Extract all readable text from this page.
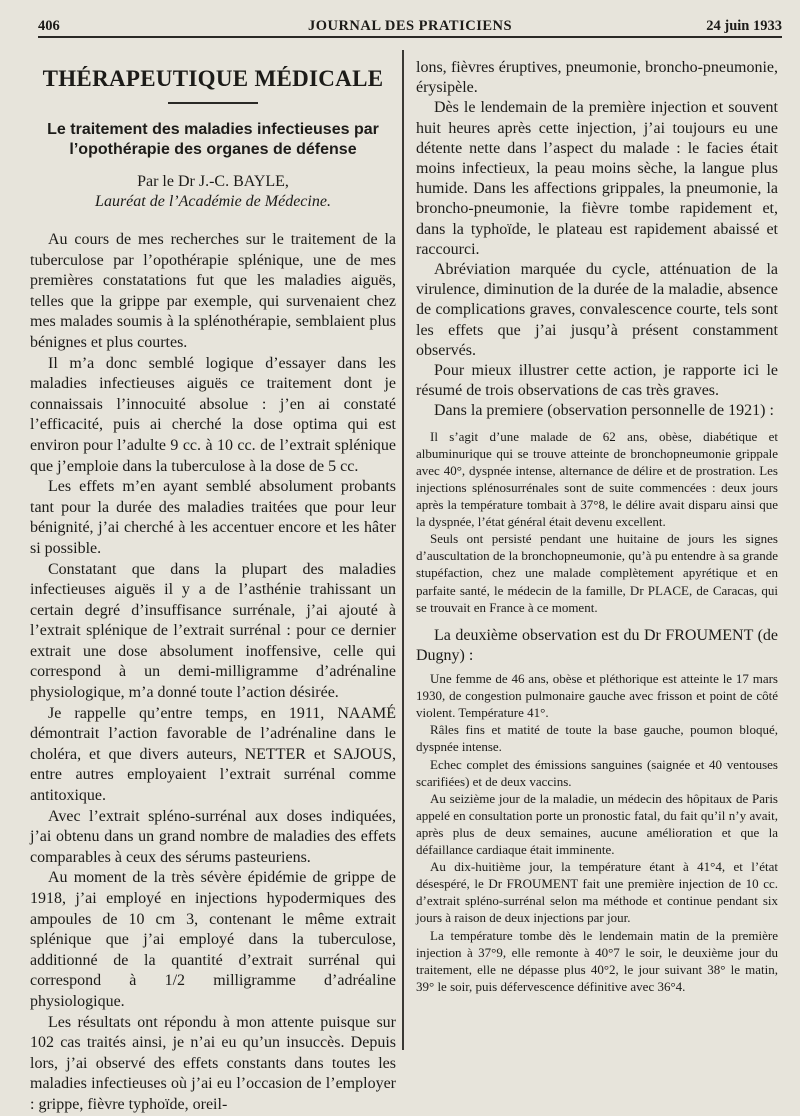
406	JOURNAL DES PRATICIENS	24 juin 1933
THÉRAPEUTIQUE MÉDICALE
Le traitement des maladies infectieuses par l’opothérapie des organes de défense
Par le Dr J.-C. BAYLE,
Lauréat de l’Académie de Médecine.

Au cours de mes recherches sur le traitement de la tuberculose par l’opothérapie splénique, une de mes premières constatations fut que les maladies aiguës, telles que la grippe par exemple, qui survenaient chez mes malades soumis à la splénothérapie, semblaient plus bénignes et plus courtes.

Il m’a donc semblé logique d’essayer dans les maladies infectieuses aiguës ce traitement dont je connaissais l’innocuité absolue : j’en ai constaté l’efficacité, puis ai cherché la dose optima qui est environ pour l’adulte 9 cc. à 10 cc. de l’extrait splénique que j’emploie dans la tuberculose à la dose de 5 cc.

Les effets m’en ayant semblé absolument probants tant pour la durée des maladies traitées que pour leur bénignité, j’ai cherché à les accentuer encore et les hâter si possible.

Constatant que dans la plupart des maladies infectieuses aiguës il y a de l’asthénie trahissant un certain degré d’insuffisance surrénale, j’ai ajouté à l’extrait splénique de l’extrait surrénal : pour ce dernier extrait une dose absolument inoffensive, celle qui correspond à un demi-milligramme d’adrénaline physiologique, m’a donné toute l’action désirée.

Je rappelle qu’entre temps, en 1911, NAAMÉ démontrait l’action favorable de l’adrénaline dans le choléra, et que divers auteurs, NETTER et SAJOUS, entre autres employaient l’extrait surrénal comme antitoxique.

Avec l’extrait spléno-surrénal aux doses indiquées, j’ai obtenu dans un grand nombre de maladies des effets comparables à ceux des sérums pasteuriens.

Au moment de la très sévère épidémie de grippe de 1918, j’ai employé en injections hypodermiques des ampoules de 10 cm 3, contenant le même extrait splénique que j’ai employé dans la tuberculose, additionné de la quantité d’extrait surrénal qui correspond à 1/2 milligramme d’adréaline physiologique.

Les résultats ont répondu à mon attente puisque sur 102 cas traités ainsi, je n’ai eu qu’un insuccès. Depuis lors, j’ai observé des effets constants dans toutes les maladies infectieuses où j’ai eu l’occasion de l’employer : grippe, fièvre typhoïde, oreil-

lons, fièvres éruptives, pneumonie, broncho-pneumonie, érysipèle.

Dès le lendemain de la première injection et souvent huit heures après cette injection, j’ai toujours eu une détente nette dans l’aspect du malade : le facies était moins infectieux, la peau moins sèche, la langue plus humide. Dans les affections grippales, la pneumonie, la broncho-pneumonie, la fièvre tombe rapidement et, dans la typhoïde, le plateau est rapidement abaissé et raccourci.

Abréviation marquée du cycle, atténuation de la virulence, diminution de la durée de la maladie, absence de complications graves, convalescence courte, tels sont les effets que j’ai jusqu’à présent constamment observés.

Pour mieux illustrer cette action, je rapporte ici le résumé de trois observations de cas très graves.

Dans la premiere (observation personnelle de 1921) :

Il s’agit d’une malade de 62 ans, obèse, diabétique et albuminurique qui se trouve atteinte de bronchopneumonie grippale avec 40°, dyspnée intense, alternance de délire et de prostration. Les injections splénosurrénales sont de suite commencées : deux jours après la température tombait à 37°8, le délire avait disparu ainsi que la dyspnée, l’état général était devenu excellent.

Seuls ont persisté pendant une huitaine de jours les signes d’auscultation de la bronchopneumonie, qu’à pu entendre à sa grande stupéfaction, chez une malade complètement apyrétique et en parfaite santé, le médecin de la famille, Dr PLACE, de Caracas, qui se trouvait en France à ce moment.

La deuxième observation est du Dr FROUMENT (de Dugny) :

Une femme de 46 ans, obèse et pléthorique est atteinte le 17 mars 1930, de congestion pulmonaire gauche avec frisson et point de côté violent. Température 41°.

Râles fins et matité de toute la base gauche, poumon bloqué, dyspnée intense.

Echec complet des émissions sanguines (saignée et 40 ventouses scarifiées) et de deux vaccins.

Au seizième jour de la maladie, un médecin des hôpitaux de Paris appelé en consultation porte un pronostic fatal, du fait qu’il n’y avait, après plus de deux semaines, aucune amélioration et que la défaillance cardiaque était imminente.

Au dix-huitième jour, la température étant à 41°4, et l’état désespéré, le Dr FROUMENT fait une première injection de 10 cc. d’extrait spléno-surrénal selon ma méthode et continue pendant six jours à raison de deux injections par jour.

La température tombe dès le lendemain matin de la première injection à 37°9, elle remonte à 40°7 le soir, le deuxième jour du traitement, elle ne dépasse plus 40°2, le jour suivant 38° le matin, 39° le soir, puis défervescence définitive avec 36°4.
